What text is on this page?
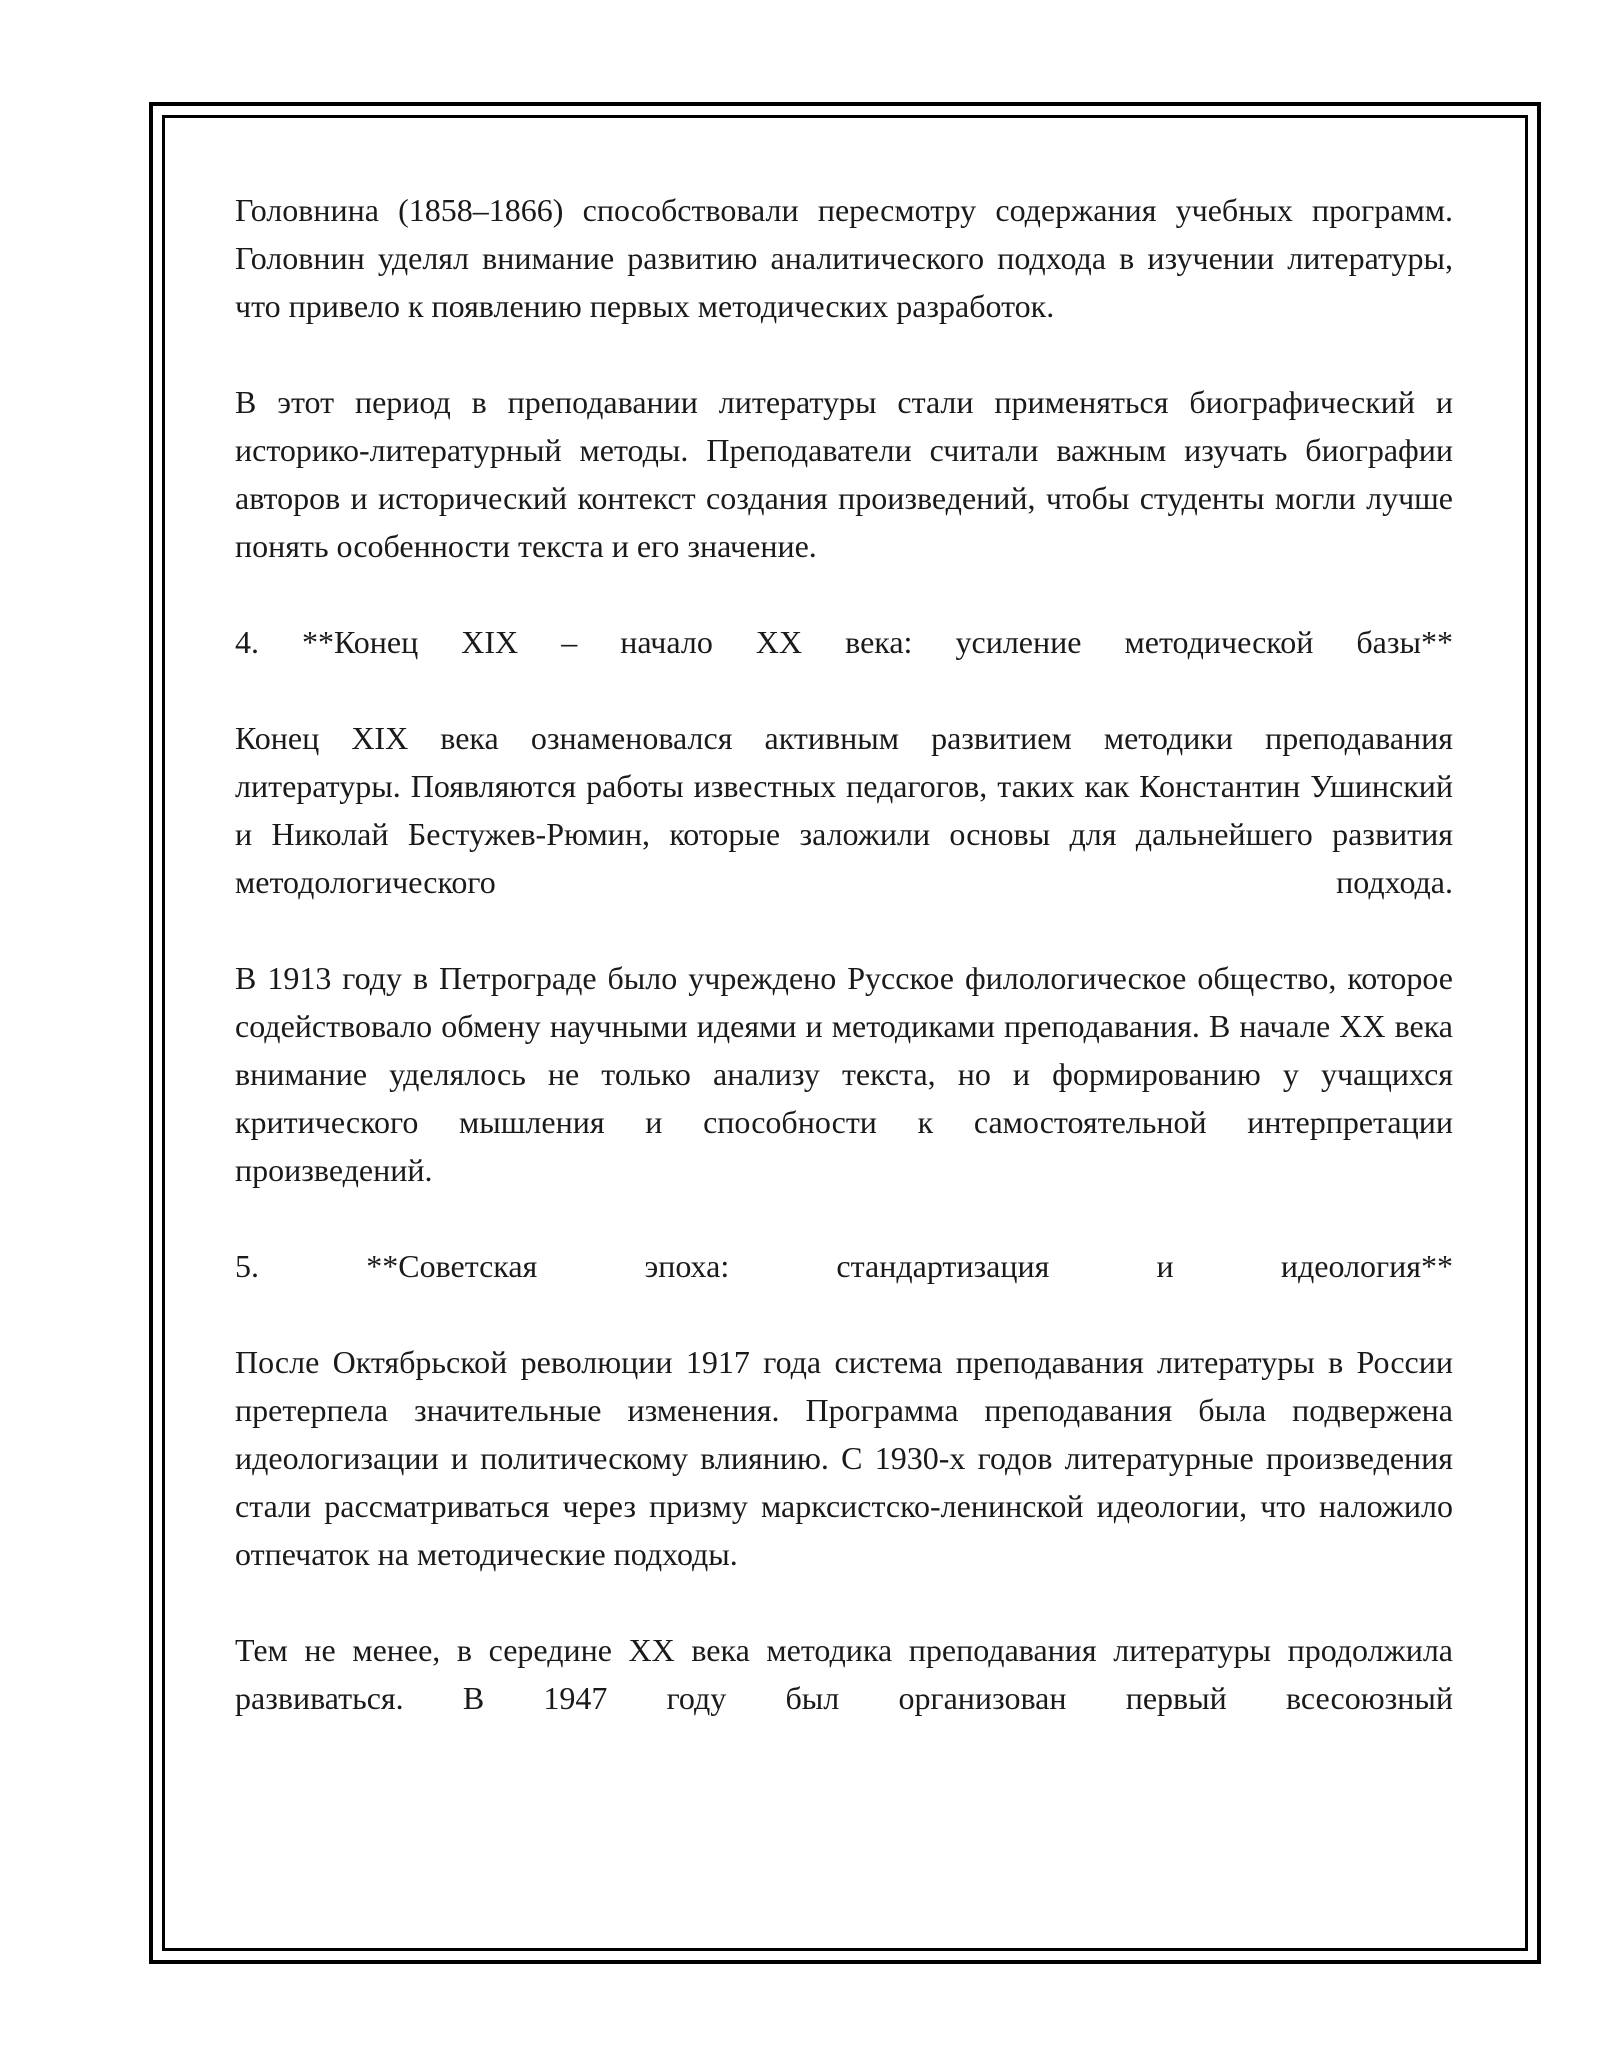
Головнина (1858–1866) способствовали пересмотру содержания учебных программ. Головнин уделял внимание развитию аналитического подхода в изучении литературы, что привело к появлению первых методических разработок.

В этот период в преподавании литературы стали применяться биографический и историко-литературный методы. Преподаватели считали важным изучать биографии авторов и исторический контекст создания произведений, чтобы студенты могли лучше понять особенности текста и его значение.

4. **Конец XIX – начало XX века: усиление методической базы**

Конец XIX века ознаменовался активным развитием методики преподавания литературы. Появляются работы известных педагогов, таких как Константин Ушинский и Николай Бестужев-Рюмин, которые заложили основы для дальнейшего развития методологического подхода.

В 1913 году в Петрограде было учреждено Русское филологическое общество, которое содействовало обмену научными идеями и методиками преподавания. В начале XX века внимание уделялось не только анализу текста, но и формированию у учащихся критического мышления и способности к самостоятельной интерпретации произведений.

5. **Советская эпоха: стандартизация и идеология**

После Октябрьской революции 1917 года система преподавания литературы в России претерпела значительные изменения. Программа преподавания была подвержена идеологизации и политическому влиянию. С 1930-х годов литературные произведения стали рассматриваться через призму марксистско-ленинской идеологии, что наложило отпечаток на методические подходы.

Тем не менее, в середине XX века методика преподавания литературы продолжила развиваться. В 1947 году был организован первый всесоюзный
